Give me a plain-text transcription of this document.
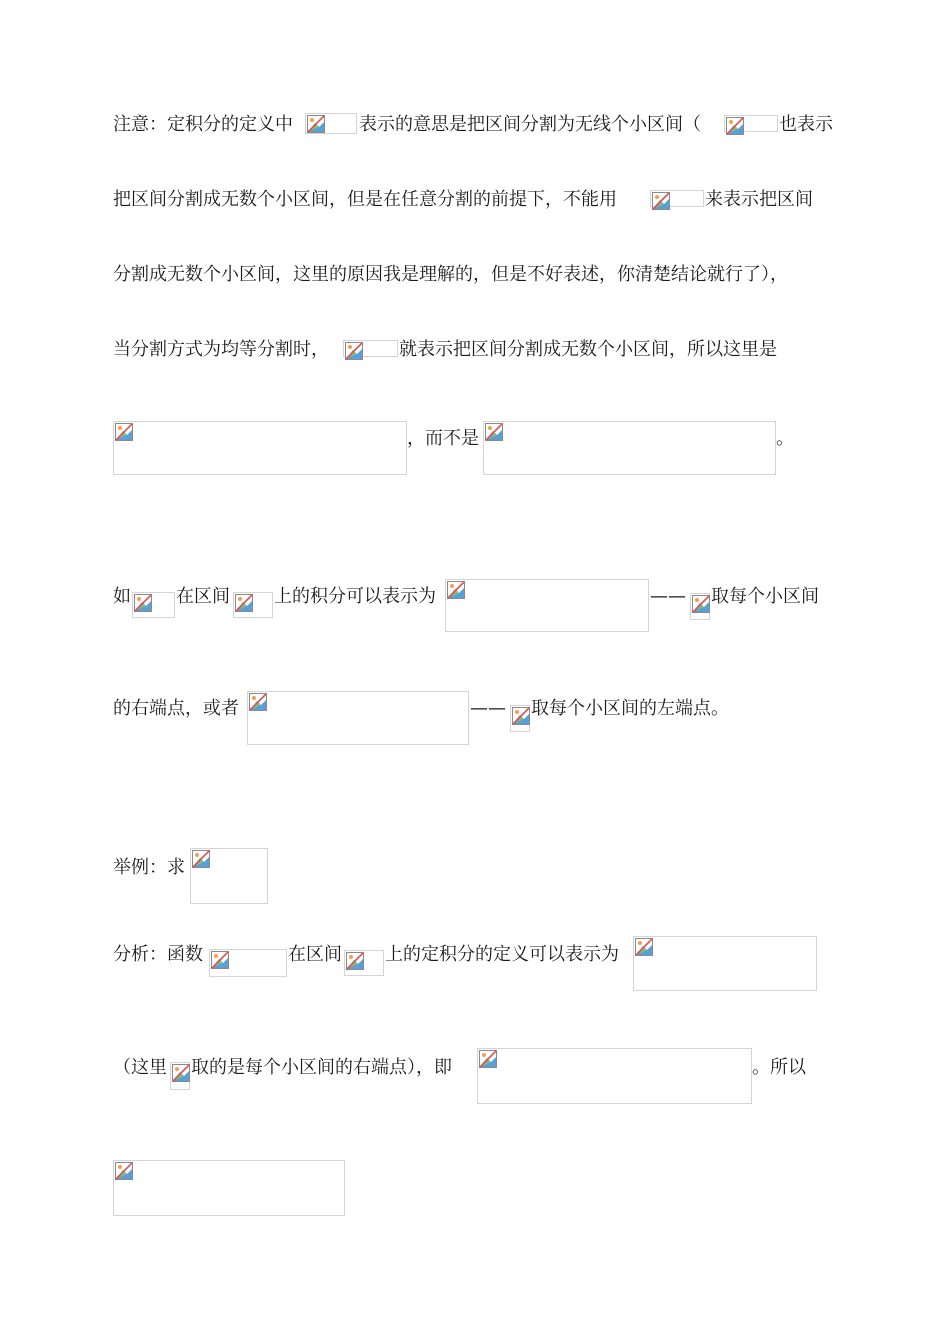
注意：定积分的定义中	表示的意思是把区间分割为无线个小区间（	也表示
把区间分割成无数个小区间，但是在任意分割的前提下，不能用	来表示把区间
分割成无数个小区间，这里的原因我是理解的，但是不好表述，你清楚结论就行了），
当分割方式为均等分割时，	就表示把区间分割成无数个小区间，所以这里是
，而不是	。
如	在区间 上的积分可以表示为	—— 取每个小区间
的右端点，或者	—— 取每个小区间的左端点。
举例：求
分析：函数	在区间 上的定积分的定义可以表示为
（这里 取的是每个小区间的右端点），即	。所以
